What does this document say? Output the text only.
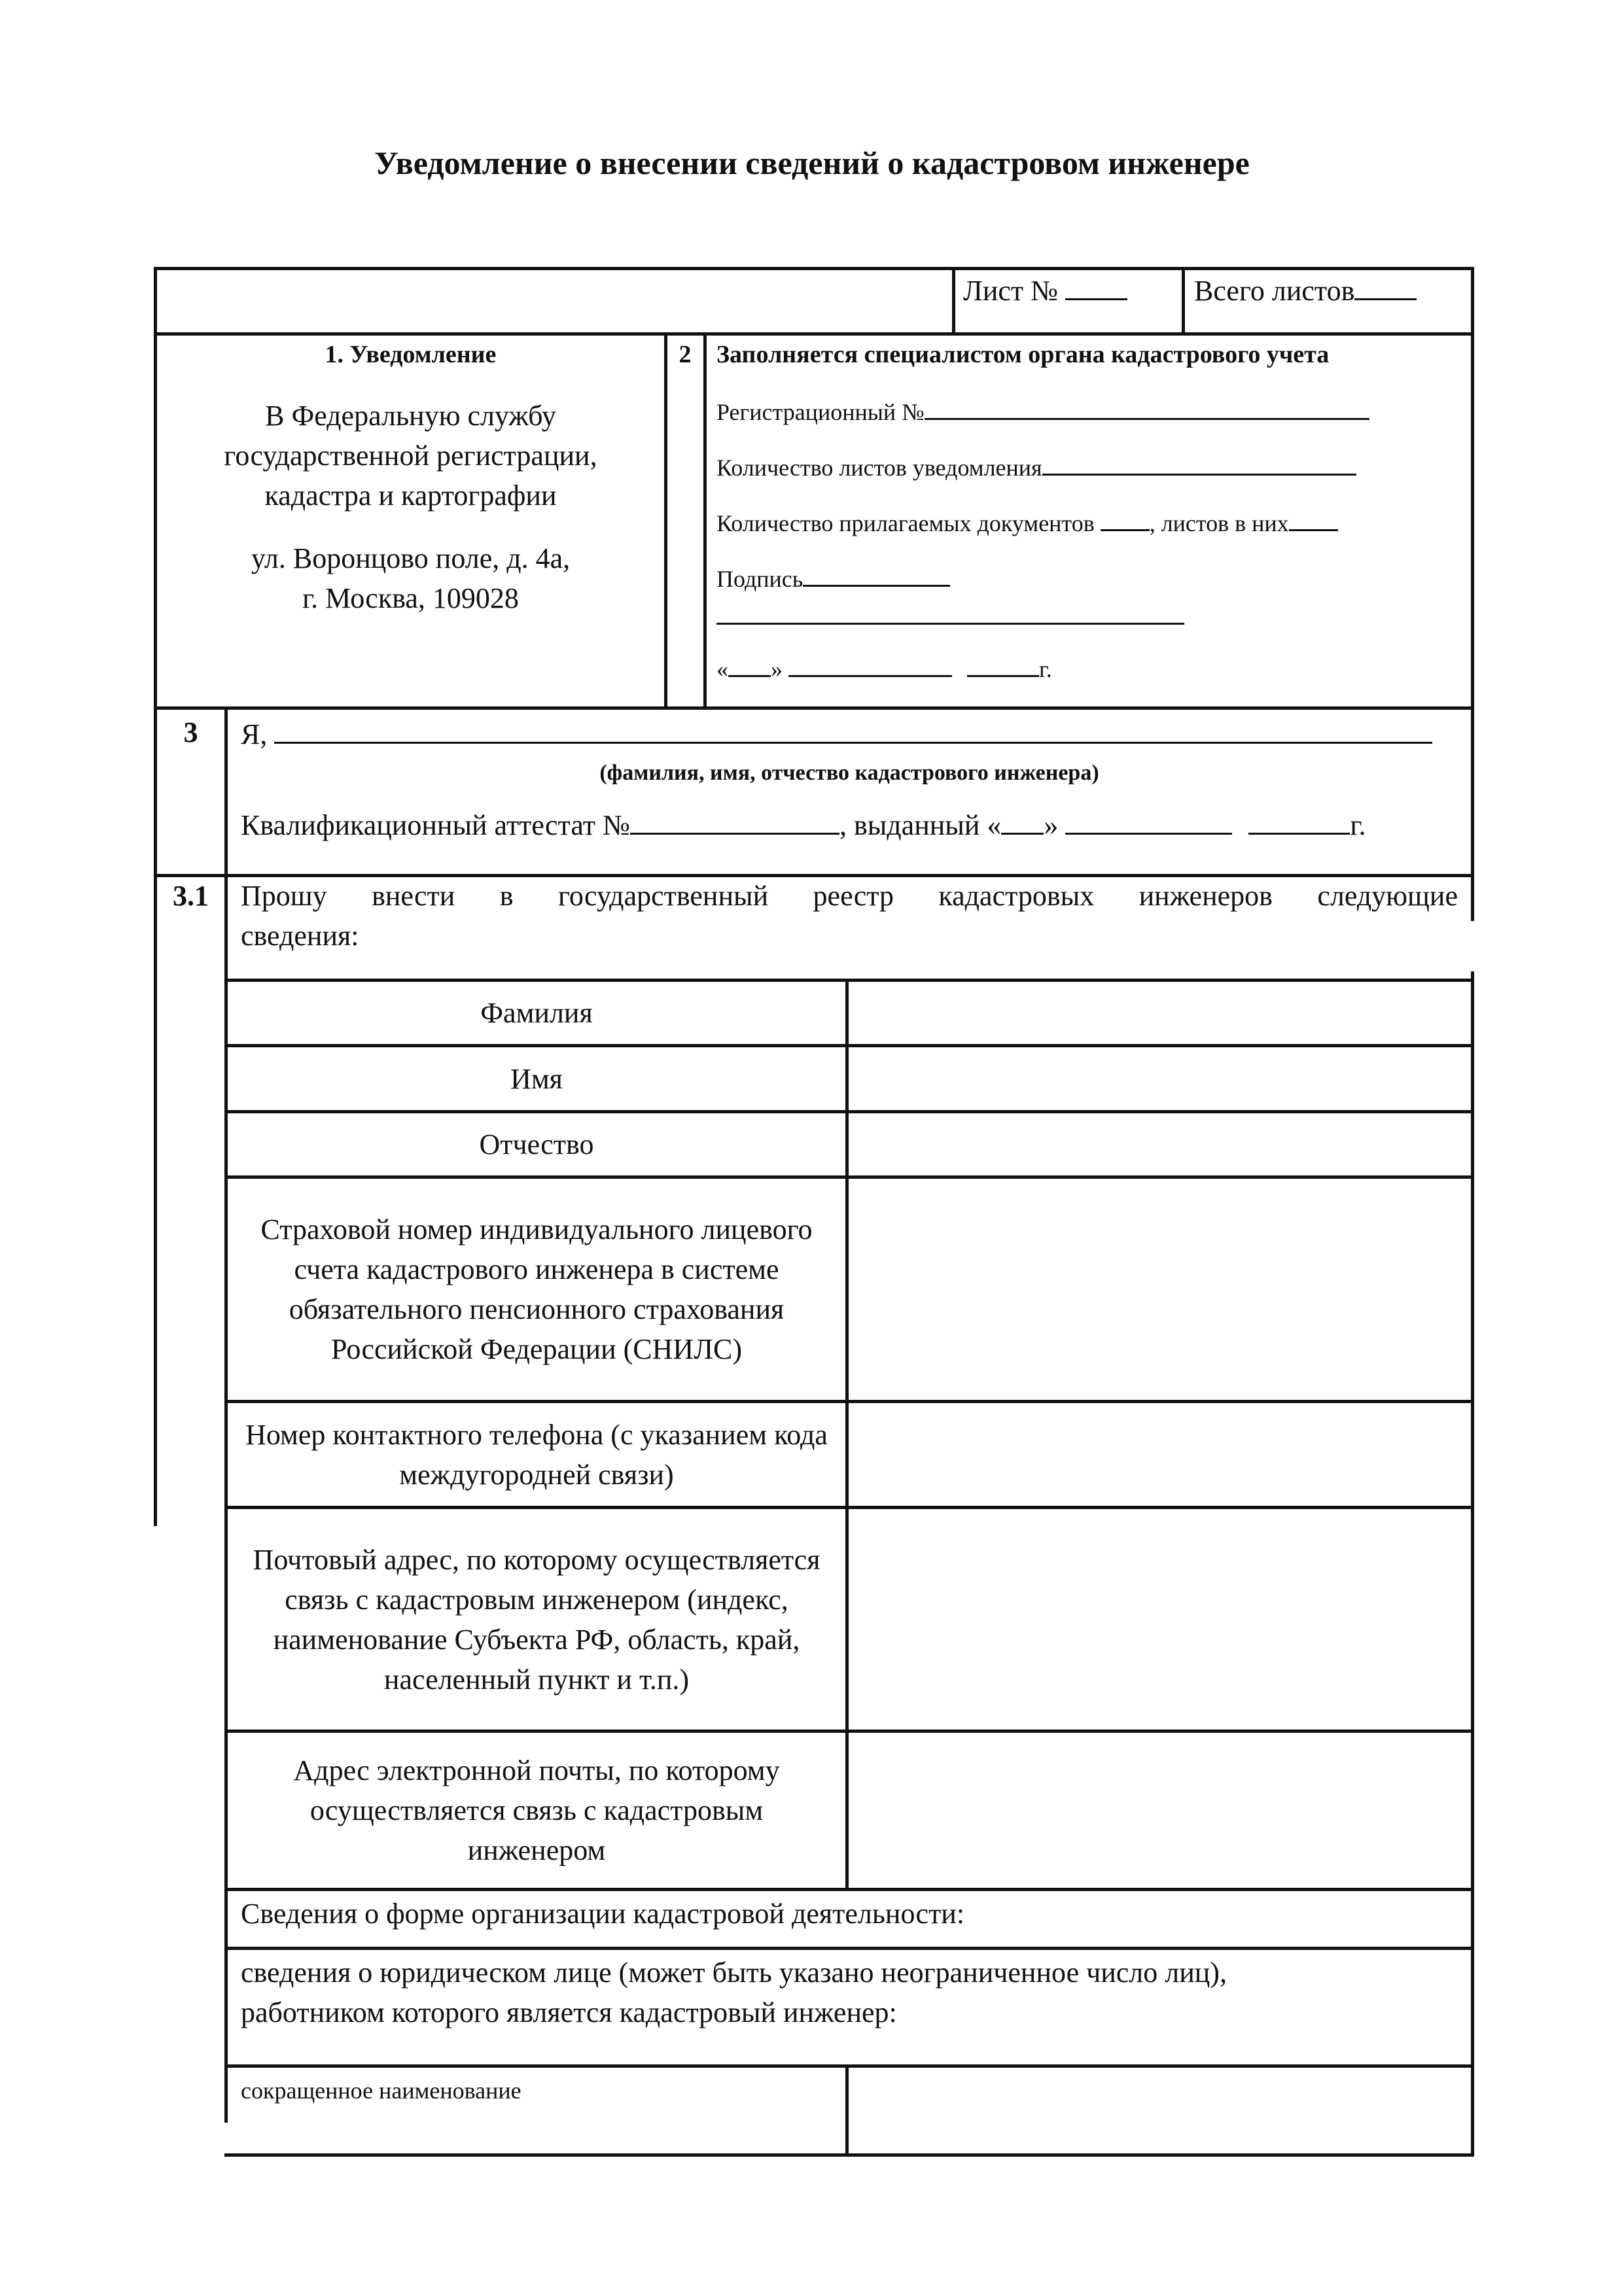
Уведомление о внесении сведений о кадастровом инженере
Лист №	Всего листов
1. Уведомление
В Федеральную службу
государственной регистрации,
кадастра и картографии
ул. Воронцово поле, д. 4а,
г. Москва, 109028
2	Заполняется специалистом органа кадастрового учета
Регистрационный №
Количество листов уведомления
Количество прилагаемых документов , листов в них
Подпись
« »	г.
3	Я,
(фамилия, имя, отчество кадастрового инженера)
Квалификационный аттестат №	, выданный « »	г.
3.1	Прошу внести в государственный реестр кадастровых инженеров следующие
сведения:
Фамилия
Имя
Отчество
Страховой номер индивидуального лицевого счета кадастрового инженера в системе обязательного пенсионного страхования Российской Федерации (СНИЛС)
Номер контактного телефона (с указанием кода междугородней связи)
Почтовый адрес, по которому осуществляется связь с кадастровым инженером (индекс, наименование Субъекта РФ, область, край, населенный пункт и т.п.)
Адрес электронной почты, по которому осуществляется связь с кадастровым инженером
Сведения о форме организации кадастровой деятельности:
сведения о юридическом лице (может быть указано неограниченное число лиц),
работником которого является кадастровый инженер:
сокращенное наименование
